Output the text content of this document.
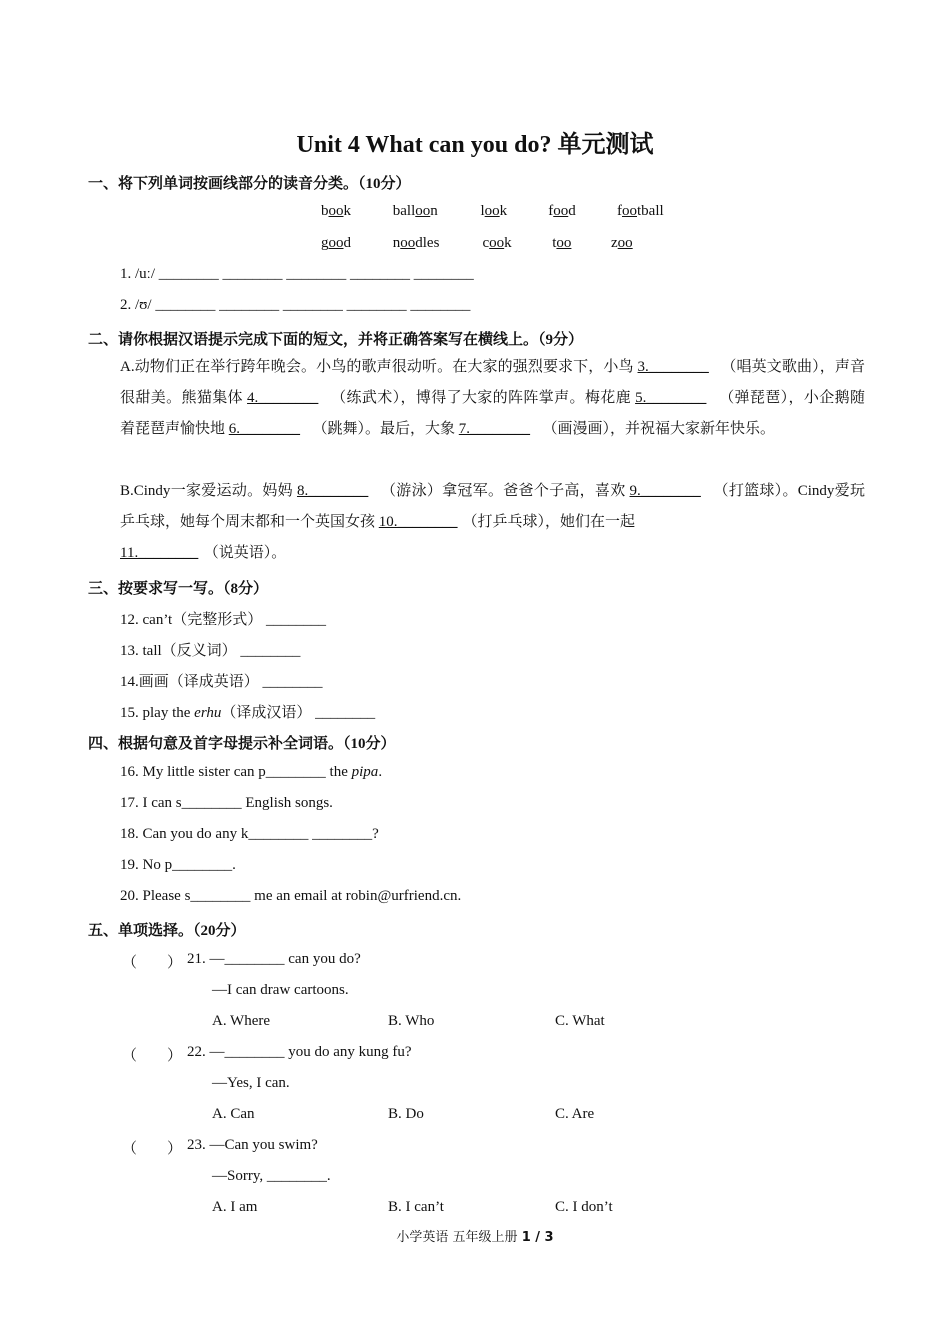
Unit 4 What can you do? 单元测试
一、将下列单词按画线部分的读音分类。（10分）
book	balloon	look	food	football
good	noodles	cook	too	zoo
1. /uː/ ________ ________ ________ ________ ________
2. /ʊ/ ________ ________ ________ ________ ________
二、请你根据汉语提示完成下面的短文，并将正确答案写在横线上。（9分）
A.动物们正在举行跨年晚会。小鸟的歌声很动听。在大家的强烈要求下，小鸟 3.________ （唱英文歌曲），声音很甜美。熊猫集体 4.________ （练武术），博得了大家的阵阵掌声。梅花鹿 5.________ （弹琵琶），小企鹅随着琵琶声愉快地 6.________ （跳舞）。最后，大象 7.________ （画漫画），并祝福大家新年快乐。
B.Cindy一家爱运动。妈妈 8.________ （游泳）拿冠军。爸爸个子高，喜欢 9.________ （打篮球）。Cindy爱玩乒乓球，她每个周末都和一个英国女孩 10.________ （打乒乓球），她们在一起
11.________ （说英语）。
三、按要求写一写。（8分）
12. can’t（完整形式） ________
13. tall（反义词） ________
14.画画（译成英语） ________
15. play the erhu（译成汉语） ________
四、根据句意及首字母提示补全词语。（10分）
16. My little sister can p________ the pipa.
17. I can s________ English songs.
18. Can you do any k________ ________?
19. No p________.
20. Please s________ me an email at robin@urfriend.cn.
五、单项选择。（20分）
（　　） 21. —________ can you do?
—I can draw cartoons.
A. Where	B. Who	C. What
（　　） 22. —________ you do any kung fu?
—Yes, I can.
A. Can	B. Do	C. Are
（　　） 23. —Can you swim?
—Sorry, ________.
A. I am	B. I can’t	C. I don’t
小学英语 五年级上册 1 / 3
